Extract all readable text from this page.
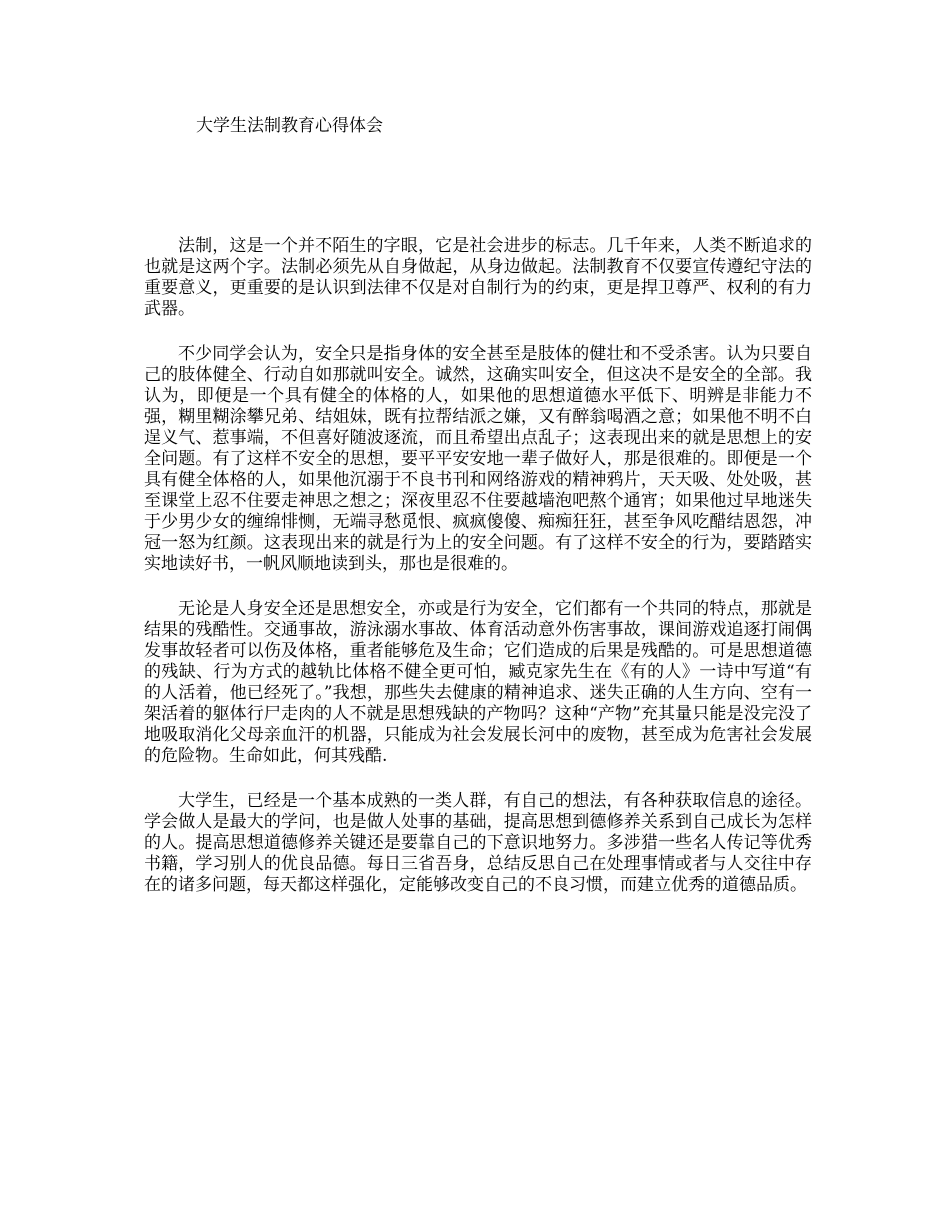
大学生法制教育心得体会

法制，这是一个并不陌生的字眼，它是社会进步的标志。几千年来，人类不断追求的也就是这两个字。法制必须先从自身做起，从身边做起。法制教育不仅要宣传遵纪守法的重要意义，更重要的是认识到法律不仅是对自制行为的约束，更是捍卫尊严、权利的有力武器。

不少同学会认为，安全只是指身体的安全甚至是肢体的健壮和不受杀害。认为只要自己的肢体健全、行动自如那就叫安全。诚然，这确实叫安全，但这决不是安全的全部。我认为，即便是一个具有健全的体格的人，如果他的思想道德水平低下、明辨是非能力不强，糊里糊涂攀兄弟、结姐妹，既有拉帮结派之嫌，又有醉翁喝酒之意；如果他不明不白逞义气、惹事端，不但喜好随波逐流，而且希望出点乱子；这表现出来的就是思想上的安全问题。有了这样不安全的思想，要平平安安地一辈子做好人，那是很难的。即便是一个具有健全体格的人，如果他沉溺于不良书刊和网络游戏的精神鸦片，天天吸、处处吸，甚至课堂上忍不住要走神思之想之；深夜里忍不住要越墙泡吧熬个通宵；如果他过早地迷失于少男少女的缠绵悱恻，无端寻愁觅恨、疯疯傻傻、痴痴狂狂，甚至争风吃醋结恩怨，冲冠一怒为红颜。这表现出来的就是行为上的安全问题。有了这样不安全的行为，要踏踏实实地读好书，一帆风顺地读到头，那也是很难的。

无论是人身安全还是思想安全，亦或是行为安全，它们都有一个共同的特点，那就是结果的残酷性。交通事故，游泳溺水事故、体育活动意外伤害事故，课间游戏追逐打闹偶发事故轻者可以伤及体格，重者能够危及生命；它们造成的后果是残酷的。可是思想道德的残缺、行为方式的越轨比体格不健全更可怕，臧克家先生在《有的人》一诗中写道“有的人活着，他已经死了。”我想，那些失去健康的精神追求、迷失正确的人生方向、空有一架活着的躯体行尸走肉的人不就是思想残缺的产物吗？这种“产物”充其量只能是没完没了地吸取消化父母亲血汗的机器，只能成为社会发展长河中的废物，甚至成为危害社会发展的危险物。生命如此，何其残酷.

大学生，已经是一个基本成熟的一类人群，有自己的想法，有各种获取信息的途径。学会做人是最大的学问，也是做人处事的基础，提高思想到德修养关系到自己成长为怎样的人。提高思想道德修养关键还是要靠自己的下意识地努力。多涉猎一些名人传记等优秀书籍，学习别人的优良品德。每日三省吾身，总结反思自己在处理事情或者与人交往中存在的诸多问题，每天都这样强化，定能够改变自己的不良习惯，而建立优秀的道德品质。
